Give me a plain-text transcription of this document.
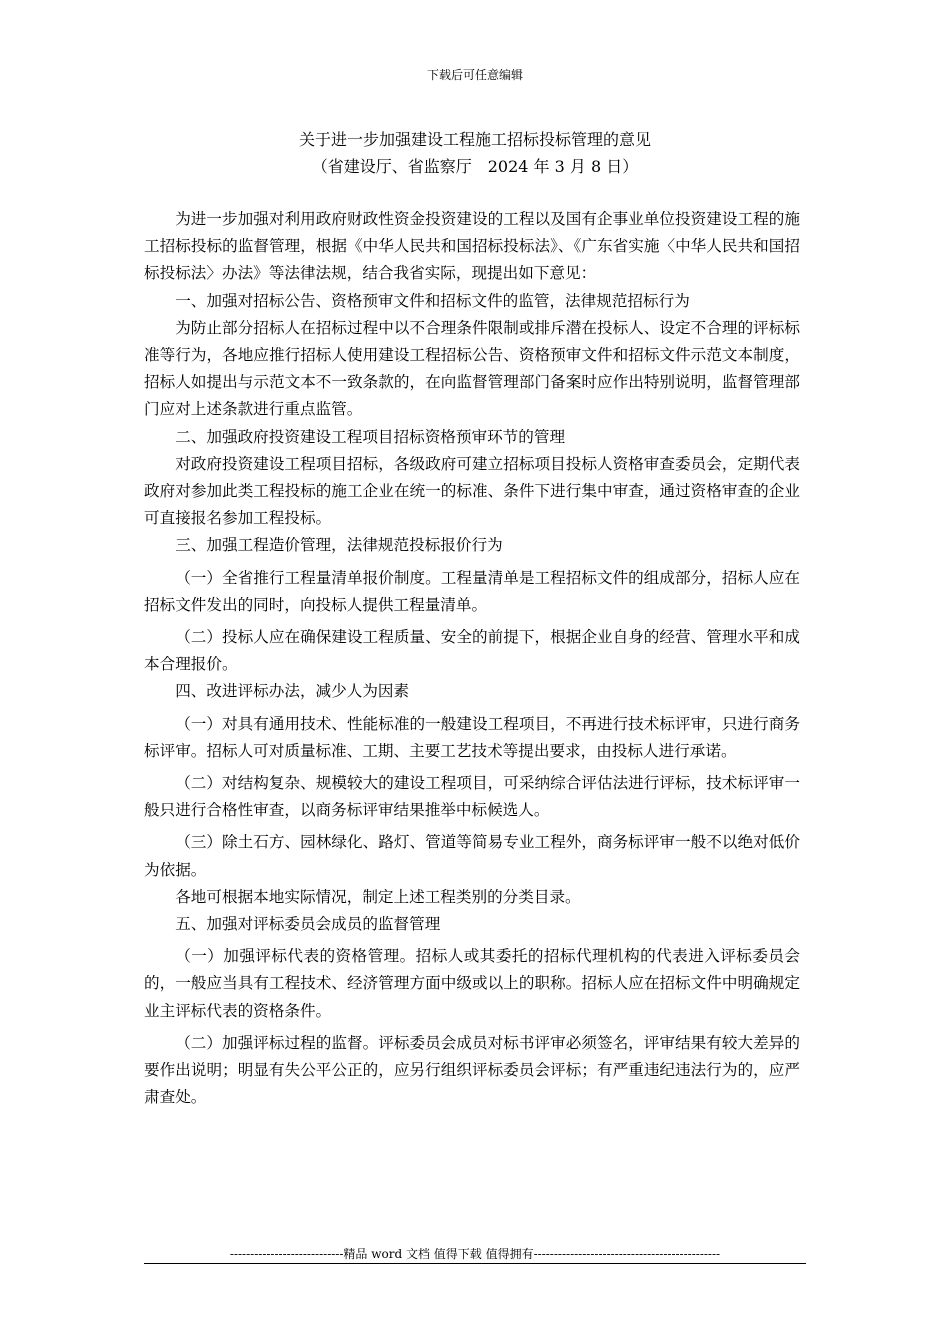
下载后可任意编辑
关于进一步加强建设工程施工招标投标管理的意见
（省建设厅、省监察厅　2024 年 3 月 8 日）

为进一步加强对利用政府财政性资金投资建设的工程以及国有企事业单位投资建设工程的施工招标投标的监督管理，根据《中华人民共和国招标投标法》、《广东省实施〈中华人民共和国招标投标法〉办法》等法律法规，结合我省实际，现提出如下意见：

一、加强对招标公告、资格预审文件和招标文件的监管，法律规范招标行为

为防止部分招标人在招标过程中以不合理条件限制或排斥潜在投标人、设定不合理的评标标准等行为，各地应推行招标人使用建设工程招标公告、资格预审文件和招标文件示范文本制度，招标人如提出与示范文本不一致条款的，在向监督管理部门备案时应作出特别说明，监督管理部门应对上述条款进行重点监管。

二、加强政府投资建设工程项目招标资格预审环节的管理

对政府投资建设工程项目招标，各级政府可建立招标项目投标人资格审查委员会，定期代表政府对参加此类工程投标的施工企业在统一的标准、条件下进行集中审查，通过资格审查的企业可直接报名参加工程投标。

三、加强工程造价管理，法律规范投标报价行为

（一）全省推行工程量清单报价制度。工程量清单是工程招标文件的组成部分，招标人应在招标文件发出的同时，向投标人提供工程量清单。

（二）投标人应在确保建设工程质量、安全的前提下，根据企业自身的经营、管理水平和成本合理报价。

四、改进评标办法，减少人为因素

（一）对具有通用技术、性能标准的一般建设工程项目，不再进行技术标评审，只进行商务标评审。招标人可对质量标准、工期、主要工艺技术等提出要求，由投标人进行承诺。

（二）对结构复杂、规模较大的建设工程项目，可采纳综合评估法进行评标，技术标评审一般只进行合格性审查，以商务标评审结果推举中标候选人。

（三）除土石方、园林绿化、路灯、管道等简易专业工程外，商务标评审一般不以绝对低价为依据。

各地可根据本地实际情况，制定上述工程类别的分类目录。

五、加强对评标委员会成员的监督管理

（一）加强评标代表的资格管理。招标人或其委托的招标代理机构的代表进入评标委员会的，一般应当具有工程技术、经济管理方面中级或以上的职称。招标人应在招标文件中明确规定业主评标代表的资格条件。

（二）加强评标过程的监督。评标委员会成员对标书评审必须签名，评审结果有较大差异的要作出说明；明显有失公平公正的，应另行组织评标委员会评标；有严重违纪违法行为的，应严肃查处。

----------------------------精品 word 文档 值得下载 值得拥有----------------------------------------------
